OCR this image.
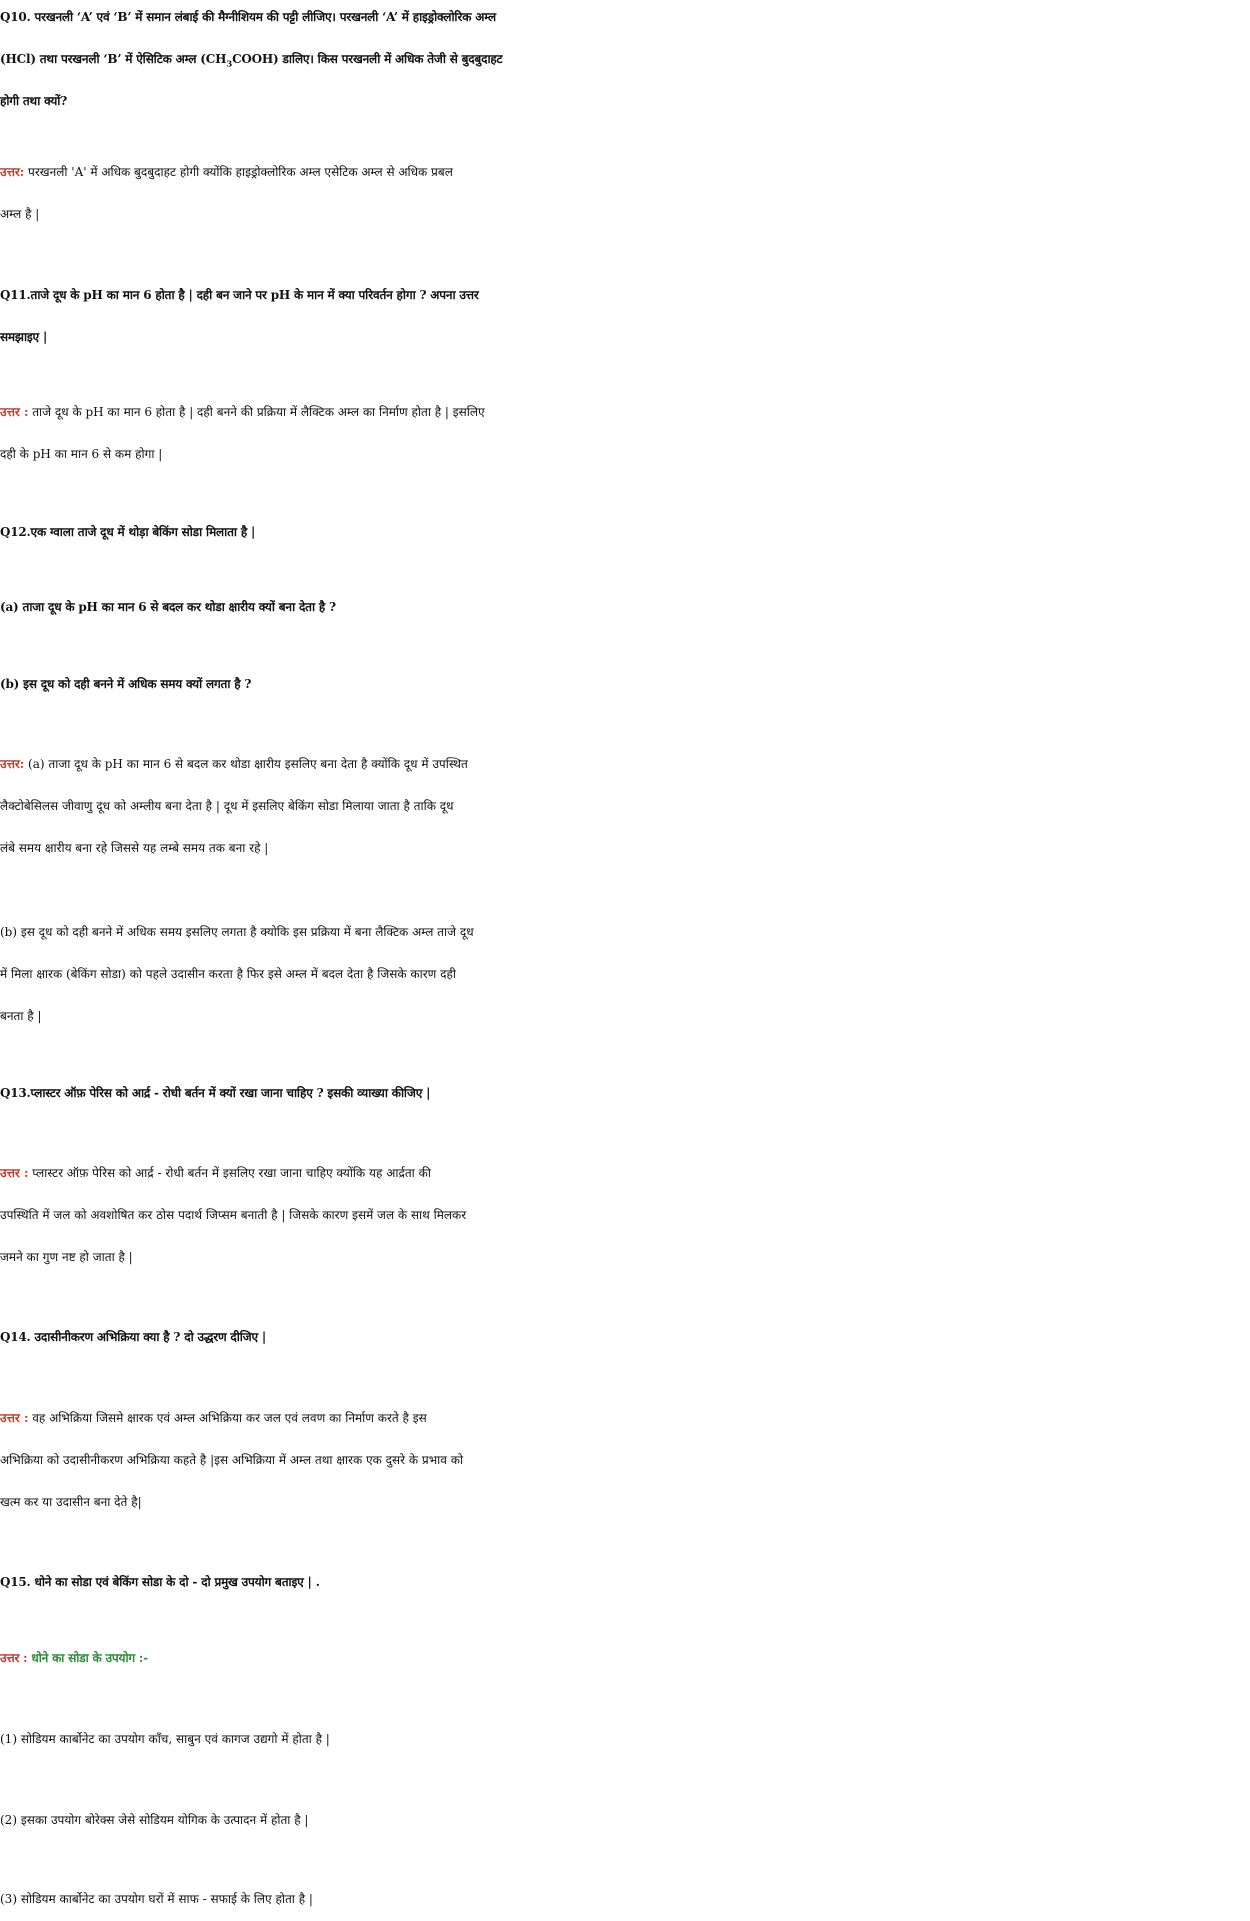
Q10. परखनली ‘A’ एवं ‘B’ में समान लंबाई की मैग्नीशियम की पट्टी लीजिए। परखनली ‘A’ में हाइड्रोक्लोरिक अम्ल
(HCl) तथा परखनली ‘B’ में ऐसिटिक अम्ल $(CH_3COOH)$ डालिए। किस परखनली में अधिक तेजी से बुदबुदाहट
होगी तथा क्यों?
उत्तर: परखनली 'A' में अधिक बुदबुदाहट होगी क्योंकि हाइड्रोक्लोरिक अम्ल एसेटिक अम्ल से अधिक प्रबल
अम्ल है |
Q11.ताजे दूध के pH का मान 6 होता है | दही बन जाने पर pH के मान में क्या परिवर्तन होगा ? अपना उत्तर
समझाइए |
उत्तर : ताजे दूध के pH का मान 6 होता है | दही बनने की प्रक्रिया में लैक्टिक अम्ल का निर्माण होता है | इसलिए
दही के pH का मान 6 से कम होगा |
Q12.एक ग्वाला ताजे दूध में थोड़ा बेकिंग सोडा मिलाता है |
(a) ताजा दूध के pH का मान 6 से बदल कर थोडा क्षारीय क्यों बना देता है ?
(b) इस दूध को दही बनने में अधिक समय क्यों लगता है ?
उत्तर: (a) ताजा दूध के pH का मान 6 से बदल कर थोडा क्षारीय इसलिए बना देता है क्योंकि दूध में उपस्थित
लैक्टोबेसिलस जीवाणु दूध को अम्लीय बना देता है | दूध में इसलिए बेकिंग सोडा मिलाया जाता है ताकि दूध
लंबे समय क्षारीय बना रहे जिससे यह लम्बे समय तक बना रहे |
(b) इस दूध को दही बनने में अधिक समय इसलिए लगता है क्योकि इस प्रक्रिया में बना लैक्टिक अम्ल ताजे दूध
में मिला क्षारक (बेकिंग सोडा) को पहले उदासीन करता है फिर इसे अम्ल में बदल देता है जिसके कारण दही
बनता है |
Q13.प्लास्टर ऑफ़ पेरिस को आर्द्र - रोधी बर्तन में क्यों रखा जाना चाहिए ? इसकी व्याख्या कीजिए |
उत्तर : प्लास्टर ऑफ़ पेरिस को आर्द्र - रोधी बर्तन में इसलिए रखा जाना चाहिए क्योंकि यह आर्द्रता की
उपस्थिति में जल को अवशोषित कर ठोस पदार्थ जिप्सम बनाती है | जिसके कारण इसमें जल के साथ मिलकर
जमने का गुण नष्ट हो जाता है |
Q14. उदासीनीकरण अभिक्रिया क्या है ? दो उद्धरण दीजिए |
उत्तर : वह अभिक्रिया जिसमे क्षारक एवं अम्ल अभिक्रिया कर जल एवं लवण का निर्माण करते है इस
अभिक्रिया को उदासीनीकरण अभिक्रिया कहते है |इस अभिक्रिया में अम्ल तथा क्षारक एक दुसरे के प्रभाव को
खत्म कर या उदासीन बना देते है|
Q15. धोने का सोडा एवं बेकिंग सोडा के दो - दो प्रमुख उपयोग बताइए | .
उत्तर : धोने का सोडा के उपयोग :-
(1) सोडियम कार्बोनेट का उपयोग काँच, साबुन एवं कागज उद्यगो में होता है |
(2) इसका उपयोग बोरेक्स जेसे सोडियम योगिक के उत्पादन में होता है |
(3) सोडियम कार्बोनेट का उपयोग घरों में साफ - सफाई के लिए होता है |
